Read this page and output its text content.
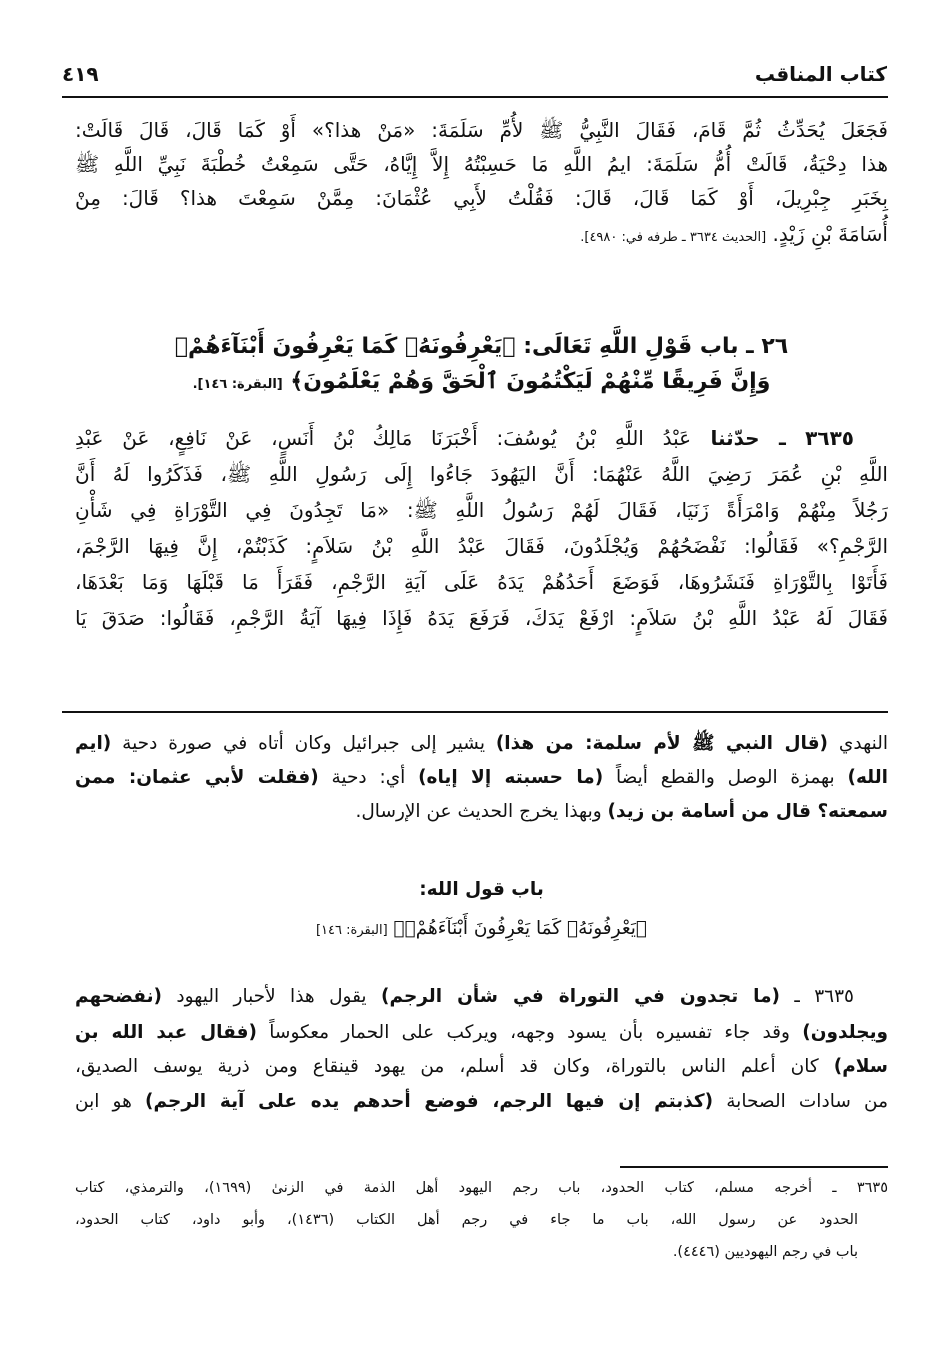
كتاب المناقب
٤١٩
فَجَعَلَ يُحَدِّثُ ثُمَّ قَامَ، فَقَالَ النَّبِيُّ ﷺ لأُمِّ سَلَمَةَ: «مَنْ هذا؟» أَوْ كَمَا قَالَ، قَالَ قَالَتْ:
هذا دِحْيَةُ، قَالَتْ أُمُّ سَلَمَةَ: ايمُ اللَّهِ مَا حَسِبْتُهُ إِلاَّ إِيَّاهُ، حَتَّى سَمِعْتُ خُطْبَةَ نَبِيِّ اللَّهِ ﷺ
بِخَبَرِ جِبْرِيلَ، أَوْ كَمَا قَالَ، قَالَ: فَقُلْتُ لأَبِي عُثْمَانَ: مِمَّنْ سَمِعْتَ هذا؟ قَالَ: مِنْ
أُسَامَةَ بْنِ زَيْدٍ. [الحديث ٣٦٣٤ ـ طرفه في: ٤٩٨٠].
٢٦ ـ باب قَوْلِ اللَّهِ تَعَالَى: ﴿يَعْرِفُونَهُۥ كَمَا يَعْرِفُونَ أَبْنَآءَهُمْۖ
وَإِنَّ فَرِيقًا مِّنْهُمْ لَيَكْتُمُونَ ٱلْحَقَّ وَهُمْ يَعْلَمُونَ﴾ [البقرة: ١٤٦].
٣٦٣٥ ـ حدّثنا عَبْدُ اللَّهِ بْنُ يُوسُفَ: أَخْبَرَنَا مَالِكُ بْنُ أَنَسٍ، عَنْ نَافِعٍ، عَنْ عَبْدِ
اللَّهِ بْنِ عُمَرَ رَضِيَ اللَّهُ عَنْهُمَا: أَنَّ اليَهُودَ جَاءُوا إِلَى رَسُولِ اللَّهِ ﷺ، فَذَكَرُوا لَهُ أَنَّ
رَجُلاً مِنْهُمْ وَامْرَأَةً زَنَيَا، فَقَالَ لَهُمْ رَسُولُ اللَّهِ ﷺ: «مَا تَجِدُونَ فِي التَّوْرَاةِ فِي شَأْنِ
الرَّجْمِ؟» فَقَالُوا: نَفْضَحُهُمْ وَيُجْلَدُونَ، فَقَالَ عَبْدُ اللَّهِ بْنُ سَلاَمٍ: كَذَبْتُمْ، إِنَّ فِيهَا الرَّجْمَ،
فَأَتَوْا بِالتَّوْرَاةِ فَنَشَرُوهَا، فَوَضَعَ أَحَدُهُمْ يَدَهُ عَلَى آيَةِ الرَّجْمِ، فَقَرَأَ مَا قَبْلَهَا وَمَا بَعْدَهَا،
فَقَالَ لَهُ عَبْدُ اللَّهِ بْنُ سَلاَمٍ: ارْفَعْ يَدَكَ، فَرَفَعَ يَدَهُ فَإِذَا فِيهَا آيَةُ الرَّجْمِ، فَقَالُوا: صَدَقَ يَا
النهدي (قال النبي ﷺ لأم سلمة: من هذا) يشير إلى جبرائيل وكان أتاه في صورة دحية (ايم
الله) بهمزة الوصل والقطع أيضاً (ما حسبته إلا إياه) أي: دحية (فقلت لأبي عثمان: ممن
سمعته؟ قال من أسامة بن زيد) وبهذا يخرج الحديث عن الإرسال.
باب قول الله:
﴿يَعْرِفُونَهُۥ كَمَا يَعْرِفُونَ أَبْنَآءَهُمْۖ﴾ [البقرة: ١٤٦]
٣٦٣٥ ـ (ما تجدون في التوراة في شأن الرجم) يقول هذا لأحبار اليهود (نفضحهم
ويجلدون) وقد جاء تفسيره بأن يسود وجهه، ويركب على الحمار معكوساً (فقال عبد الله بن
سلام) كان أعلم الناس بالتوراة، وكان قد أسلم، من يهود قينقاع ومن ذرية يوسف الصديق،
من سادات الصحابة (كذبتم إن فيها الرجم، فوضع أحدهم يده على آية الرجم) هو ابن
٣٦٣٥ ـ أخرجه مسلم، كتاب الحدود، باب رجم اليهود أهل الذمة في الزنىٰ (١٦٩٩)، والترمذي، كتاب
الحدود عن رسول الله، باب ما جاء في رجم أهل الكتاب (١٤٣٦)، وأبو داود، كتاب الحدود،
باب في رجم اليهوديين (٤٤٤٦).
